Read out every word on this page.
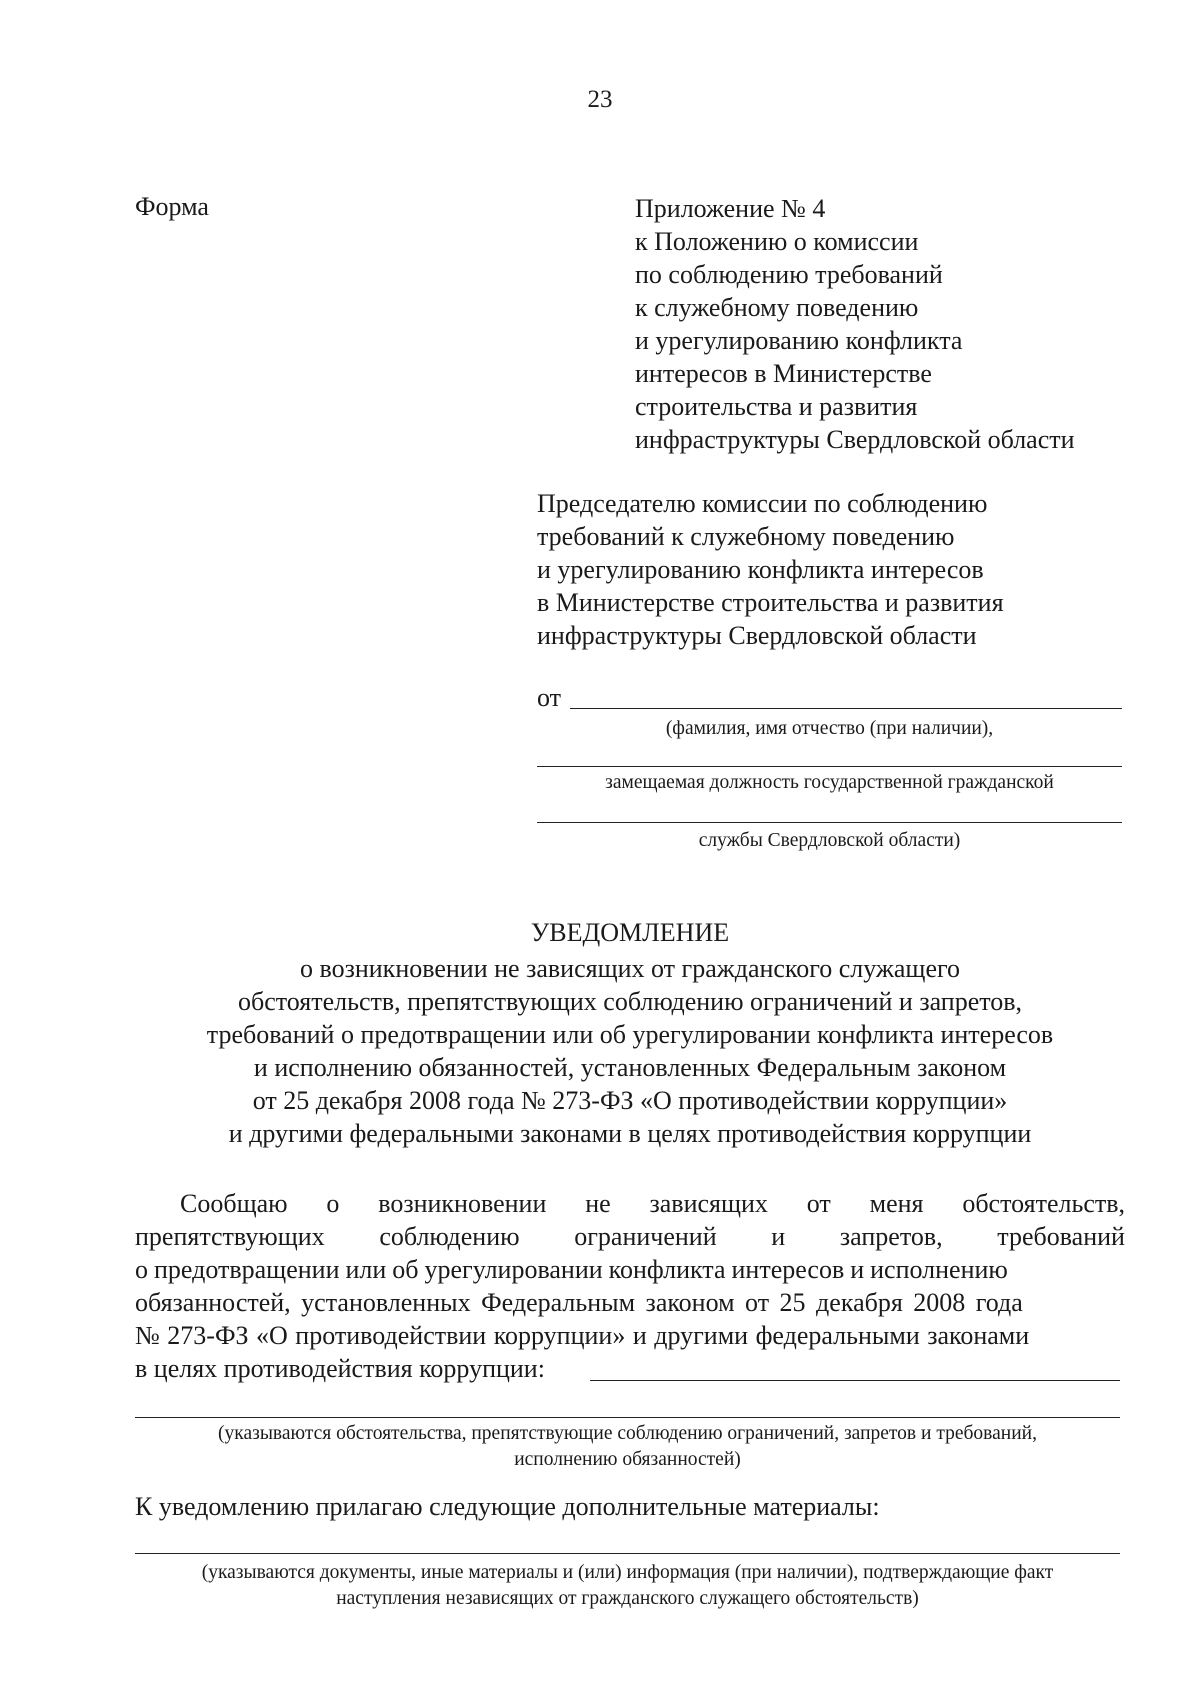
23
Форма	Приложение № 4
к Положению о комиссии
по соблюдению требований
к служебному поведению
и урегулированию конфликта
интересов в Министерстве
строительства и развития
инфраструктуры Свердловской области
Председателю комиссии по соблюдению
требований к служебному поведению
и урегулированию конфликта интересов
в Министерстве строительства и развития
инфраструктуры Свердловской области
от
(фамилия, имя отчество (при наличии),
замещаемая должность государственной гражданской
службы Свердловской области)
УВЕДОМЛЕНИЕ
о возникновении не зависящих от гражданского служащего
обстоятельств, препятствующих соблюдению ограничений и запретов,
требований о предотвращении или об урегулировании конфликта интересов
и исполнению обязанностей, установленных Федеральным законом
от 25 декабря 2008 года № 273-ФЗ «О противодействии коррупции»
и другими федеральными законами в целях противодействия коррупции
Сообщаю о возникновении не зависящих от меня обстоятельств,
препятствующих соблюдению ограничений и запретов, требований
о предотвращении или об урегулировании конфликта интересов и исполнению
обязанностей, установленных Федеральным законом от 25 декабря 2008 года
№ 273-ФЗ «О противодействии коррупции» и другими федеральными законами
в целях противодействия коррупции:
(указываются обстоятельства, препятствующие соблюдению ограничений, запретов и требований,
исполнению обязанностей)
К уведомлению прилагаю следующие дополнительные материалы:
(указываются документы, иные материалы и (или) информация (при наличии), подтверждающие факт
наступления независящих от гражданского служащего обстоятельств)
